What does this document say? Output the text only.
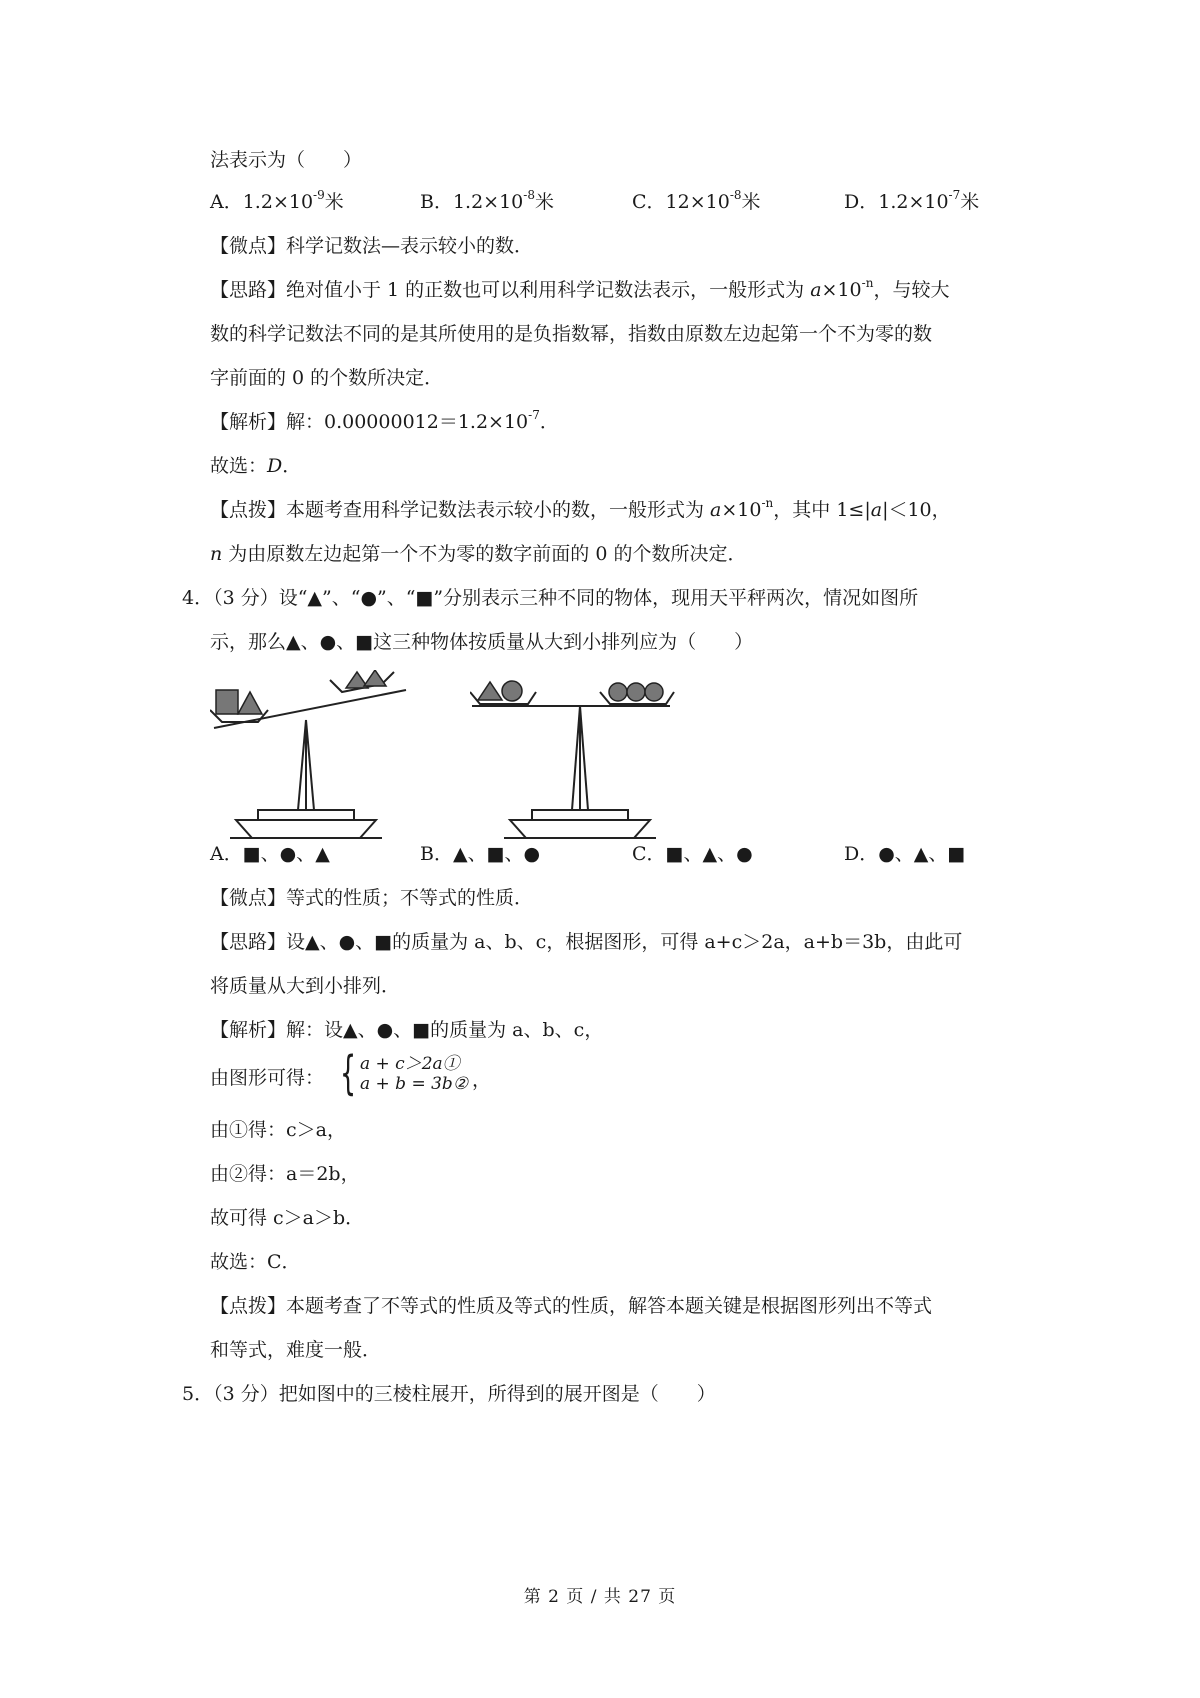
法表示为（　　）
A．$1.2\times 10^{-9}$米	B．$1.2\times 10^{-8}$米	C．$12\times 10^{-8}$米	D．$1.2\times 10^{-7}$米
【微点】科学记数法—表示较小的数．
【思路】绝对值小于 1 的正数也可以利用科学记数法表示，一般形式为 $a\times 10^{-n}$，与较大
数的科学记数法不同的是其所使用的是负指数幂，指数由原数左边起第一个不为零的数
字前面的 0 的个数所决定．
【解析】解：$0.00000012=1.2\times 10^{-7}$．
故选：D．
【点拨】本题考查用科学记数法表示较小的数，一般形式为 $a\times 10^{-n}$，其中 1≤|a|＜10，
n 为由原数左边起第一个不为零的数字前面的 0 的个数所决定．
4．（3 分）设“▲”、“●”、“■”分别表示三种不同的物体，现用天平秤两次，情况如图所
示，那么▲、●、■这三种物体按质量从大到小排列应为（　　）
A．■、●、▲	B．▲、■、●	C．■、▲、●	D．●、▲、■
【微点】等式的性质；不等式的性质．
【思路】设▲、●、■的质量为 a、b、c，根据图形，可得 a+c＞2a，a+b＝3b，由此可
将质量从大到小排列．
【解析】解：设▲、●、■的质量为 a、b、c，
由图形可得： { a + c＞2a①
a + b = 3b② ，
由①得：c＞a，
由②得：a＝2b，
故可得 c＞a＞b．
故选：C．
【点拨】本题考查了不等式的性质及等式的性质，解答本题关键是根据图形列出不等式
和等式，难度一般．
5．（3 分）把如图中的三棱柱展开，所得到的展开图是（　　）
第 2 页 / 共 27 页
